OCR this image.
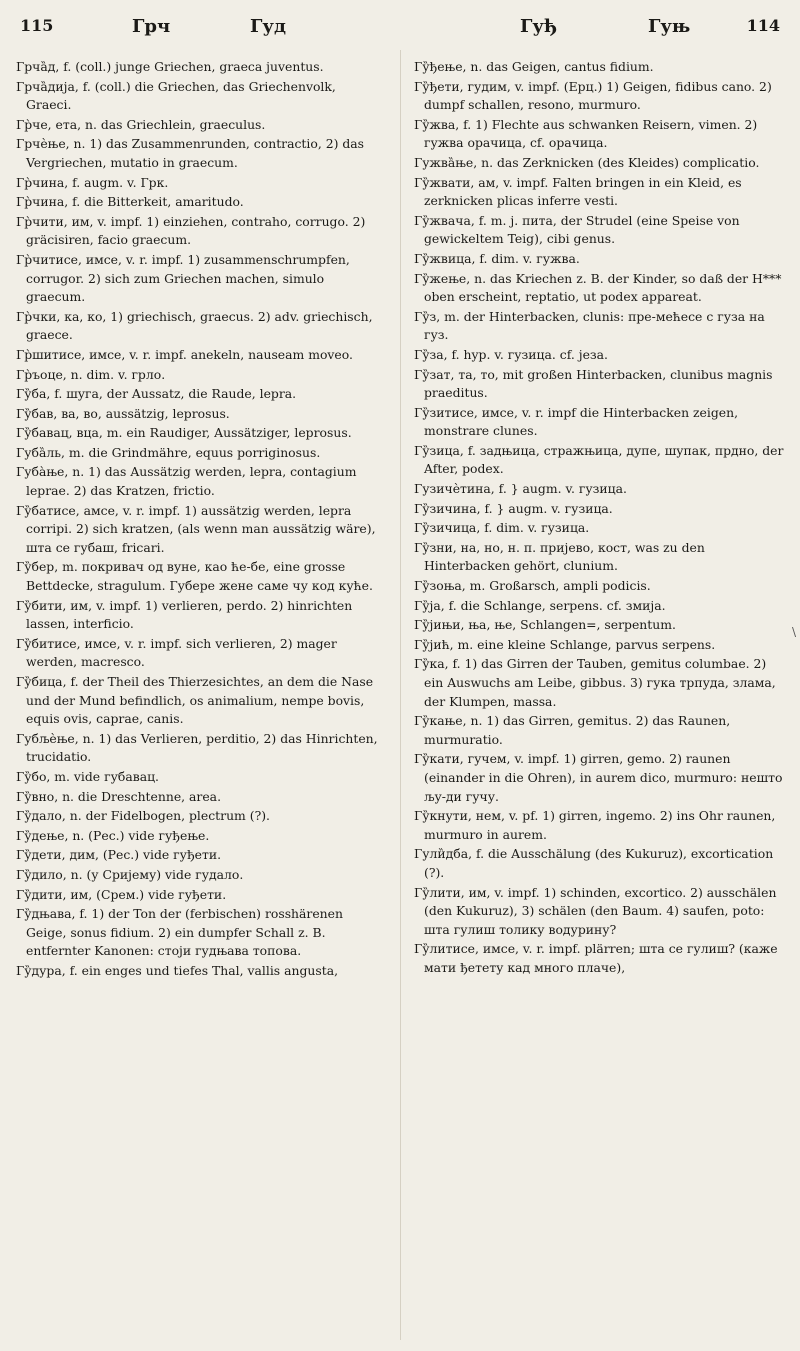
115	Грч	Гуд	Гуђ	Гуњ	114

Грча̏д, f. (coll.) junge Griechen, graeca juventus.

Грча̏дија, f. (coll.) die Griechen, das Griechenvolk, Graeci.

Гр̀че, ета, n. das Griechlein, graeculus.

Грчѐње, n. 1) das Zusammenrunden, contractio, 2) das Vergriechen, mutatio in graecum.

Гр̀чина, f. augm. v. Грк.

Гр̀чина, f. die Bitterkeit, amaritudo.

Гр̀чити, им, v. impf. 1) einziehen, contraho, corrugo. 2) gräcisiren, facio graecum.

Гр̀читисе, имсе, v. r. impf. 1) zusammenschrumpfen, corrugor. 2) sich zum Griechen machen, simulo graecum.

Гр̀чки, ка, ко, 1) griechisch, graecus. 2) adv. griechisch, graece.

Гр̀шитисе, имсе, v. r. impf. anekeln, nauseam moveo.

Гр̀ъоце, n. dim. v. грло.

Гу̏ба, f. шуга, der Aussatz, die Raude, lepra.

Гу̏бав, ва, во, aussätzig, leprosus.

Гу̏бавац, вца, m. ein Raudiger, Aussätziger, leprosus.

Губа̏ль, m. die Grindmähre, equus porriginosus.

Губа̀ње, n. 1) das Aussätzig werden, lepra, contagium leprae. 2) das Kratzen, frictio.

Гу̏батисе, амсе, v. r. impf. 1) aussätzig werden, lepra corripi. 2) sich kratzen, (als wenn man aussätzig wäre), шта се губаш, fricari.

Гу̏бер, m. покривач од вуне, као ће-бе, eine grosse Bettdecke, stragulum. Губере жене саме чу код куће.

Гу̏бити, им, v. impf. 1) verlieren, perdo. 2) hinrichten lassen, interficio.

Гу̏битисе, имсе, v. r. impf. sich verlieren, 2) mager werden, macresco.

Гу̏бица, f. der Theil des Thierzesichtes, an dem die Nase und der Mund befindlich, os animalium, nempe bovis, equis ovis, caprae, canis.

Губљѐње, n. 1) das Verlieren, perditio, 2) das Hinrichten, trucidatio.

Гу̏бо, m. vide губавац.

Гу̏вно, n. die Dreschtenne, area.

Гу̏дало, n. der Fidelbogen, plectrum (?).

Гу̏дење, n. (Рес.) vide гуђење.

Гу̏дети, дим, (Рес.) vide гуђети.

Гу̏дило, n. (у Сријему) vide гудало.

Гу̏дити, им, (Срем.) vide гуђети.

Гу̏дњава, f. 1) der Ton der (ferbischen) rosshärenen Geige, sonus fidium. 2) ein dumpfer Schall z. B. entfernter Kanonen: стоји гудњава топова.

Гу̏дура, f. ein enges und tiefes Thal, vallis angusta,

Гу̏ђење, n. das Geigen, cantus fidium.

Гу̏ђети, гудим, v. impf. (Ерц.) 1) Geigen, fidibus cano. 2) dumpf schallen, resono, murmuro.

Гу̏жва, f. 1) Flechte aus schwanken Reisern, vimen. 2) гужва орачица, cf. орачица.

Гужва̏ње, n. das Zerknicken (des Kleides) complicatio.

Гу̏жвати, ам, v. impf. Falten bringen in ein Kleid, es zerknicken plicas inferre vesti.

Гу̏жвача, f. m. j. пита, der Strudel (eine Speise von gewickeltem Teig), cibi genus.

Гу̏жвица, f. dim. v. гужва.

Гу̏жење, n. das Kriechen z. B. der Kinder, so daß der H*** oben erscheint, reptatio, ut podex appareat.

Гу̏з, m. der Hinterbacken, clunis: пре-мећесе с гуза на гуз.

Гу̏за, f. hyp. v. гузица. cf. језа.

Гу̏зат, та, то, mit großen Hinterbacken, clunibus magnis praeditus.

Гу̏зитисе, имсе, v. r. impf die Hinterbacken zeigen, monstrare clunes.

Гу̏зица, f. задњица, стражњица, дупе, шупак, прдно, der After, podex.

Гузичѐтина, f. } augm. v. гузица.

Гу̏зичина, f. } augm. v. гузица.

Гу̏зичица, f. dim. v. гузица.

Гу̏зни, на, но, н. п. пријево, кост, was zu den Hinterbacken gehört, clunium.

Гу̏зоња, m. Großarsch, ampli podicis.

Гу̏ја, f. die Schlange, serpens. cf. змија.

Гу̏јињи, ња, ње, Schlangen=, serpentum.

Гу̏јић, m. eine kleine Schlange, parvus serpens.

Гу̏ка, f. 1) das Girren der Tauben, gemitus columbae. 2) ein Auswuchs am Leibe, gibbus. 3) гука трпуда, злама, der Klumpen, massa.

Гу̏кање, n. 1) das Girren, gemitus. 2) das Raunen, murmuratio.

Гу̏кати, гучем, v. impf. 1) girren, gemo. 2) raunen (einander in die Ohren), in aurem dico, murmuro: нешто љу-ди гучу.

Гу̏кнути, нем, v. pf. 1) girren, ingemo. 2) ins Ohr raunen, murmuro in aurem.

Гули̏дба, f. die Ausschälung (des Kukuruz), excortication (?).

Гу̏лити, им, v. impf. 1) schinden, excortico. 2) ausschälen (den Kukuruz), 3) schälen (den Baum. 4) saufen, poto: шта гулиш толику водурину?

Гу̏литисе, имсе, v. r. impf. plärren; шта се гулиш? (каже мати ђетету кад много плаче),

\
